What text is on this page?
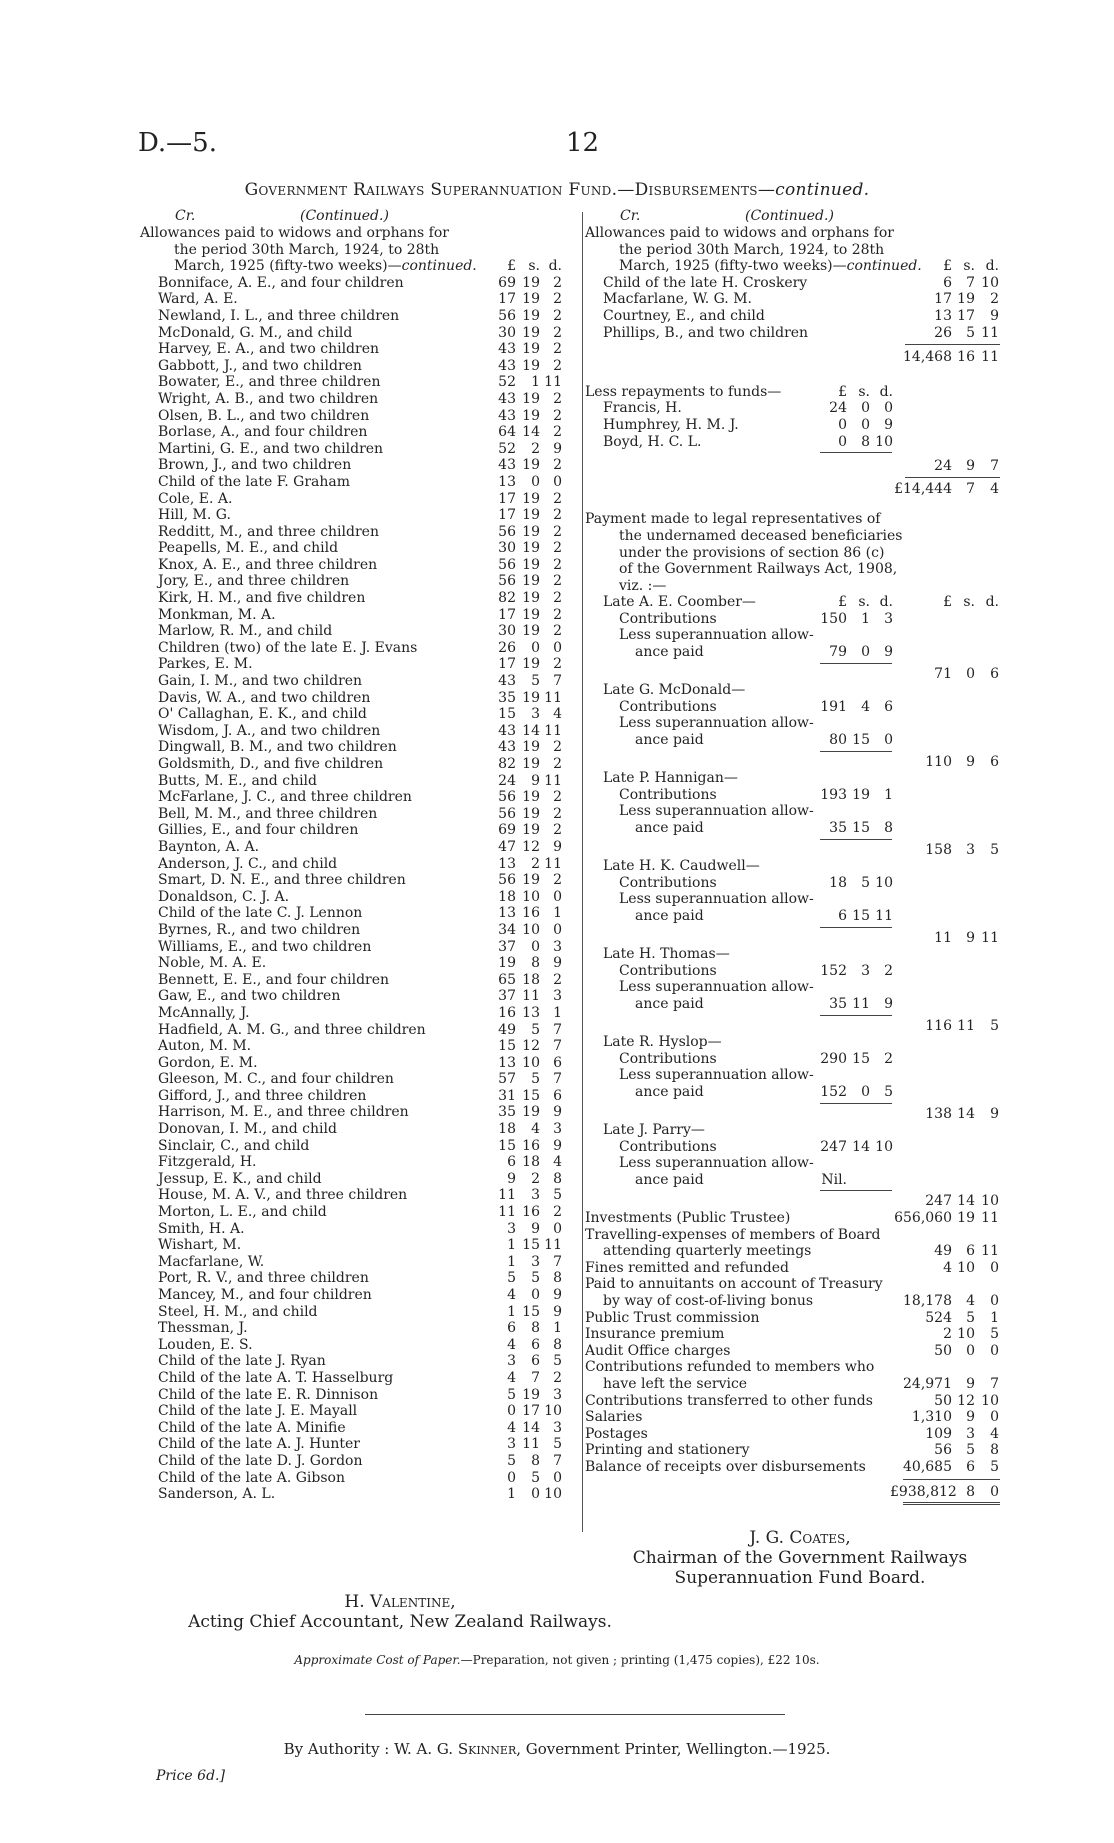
D.—5.	12
Government Railways Superannuation Fund.—Disbursements—continued.
Cr.	(Continued.)
Allowances paid to widows and orphans for
the period 30th March, 1924, to 28th
March, 1925 (fifty-two weeks)—continued.	£ s. d.
Bonniface, A. E., and four children	69 19 2
Ward, A. E.	17 19 2
Newland, I. L., and three children	56 19 2
McDonald, G. M., and child	30 19 2
Harvey, E. A., and two children	43 19 2
Gabbott, J., and two children	43 19 2
Bowater, E., and three children	52	1 11
Wright, A. B., and two children	43 19 2
Olsen, B. L., and two children	43 19 2
Borlase, A., and four children	64 14 2
Martini, G. E., and two children	52	2 9
Brown, J., and two children	43 19 2
Child of the late F. Graham	13	0 0
Cole, E. A.	17 19 2
Hill, M. G.	17 19 2
Redditt, M., and three children	56 19 2
Peapells, M. E., and child	30 19 2
Knox, A. E., and three children	56 19 2
Jory, E., and three children	56 19 2
Kirk, H. M., and five children	82 19 2
Monkman, M. A.	17 19 2
Marlow, R. M., and child	30 19 2
Children (two) of the late E. J. Evans	26	0 0
Parkes, E. M.	17 19 2
Gain, I. M., and two children	43	5 7
Davis, W. A., and two children	35 19 11
O' Callaghan, E. K., and child	15	3 4
Wisdom, J. A., and two children	43 14 11
Dingwall, B. M., and two children	43 19 2
Goldsmith, D., and five children	82 19 2
Butts, M. E., and child	24	9 11
McFarlane, J. C., and three children	56 19 2
Bell, M. M., and three children	56 19 2
Gillies, E., and four children	69 19 2
Baynton, A. A.	47 12 9
Anderson, J. C., and child	13	2 11
Smart, D. N. E., and three children	56 19 2
Donaldson, C. J. A.	18 10 0
Child of the late C. J. Lennon	13 16 1
Byrnes, R., and two children	34 10 0
Williams, E., and two children	37	0 3
Noble, M. A. E.	19	8 9
Bennett, E. E., and four children	65 18 2
Gaw, E., and two children	37 11 3
McAnnally, J.	16 13 1
Hadfield, A. M. G., and three children	49	5 7
Auton, M. M.	15 12 7
Gordon, E. M.	13 10 6
Gleeson, M. C., and four children	57	5 7
Gifford, J., and three children	31 15 6
Harrison, M. E., and three children	35 19 9
Donovan, I. M., and child	18	4 3
Sinclair, C., and child	15 16 9
Fitzgerald, H.	6 18 4
Jessup, E. K., and child	9	2 8
House, M. A. V., and three children	11	3 5
Morton, L. E., and child	11 16 2
Smith, H. A.	3	9 0
Wishart, M.	1 15 11
Macfarlane, W.	1	3 7
Port, R. V., and three children	5	5 8
Mancey, M., and four children	4	0 9
Steel, H. M., and child	1 15 9
Thessman, J.	6	8 1
Louden, E. S.	4	6 8
Child of the late J. Ryan	3	6 5
Child of the late A. T. Hasselburg	4	7 2
Child of the late E. R. Dinnison	5 19 3
Child of the late J. E. Mayall	0 17 10
Child of the late A. Minifie	4 14 3
Child of the late A. J. Hunter	3 11 5
Child of the late D. J. Gordon	5	8 7
Child of the late A. Gibson	0	5 0
Sanderson, A. L.	1	0 10
Cr.	(Continued.)
Allowances paid to widows and orphans for
the period 30th March, 1924, to 28th
March, 1925 (fifty-two weeks)—continued.	£ s. d.
Child of the late H. Croskery	6	7 10
Macfarlane, W. G. M.	17 19	2
Courtney, E., and child	13 17	9
Phillips, B., and two children	26	5 11
14,468 16 11
Less repayments to funds—	£ s. d.
Francis, H.	24	0	0
Humphrey, H. M. J.	0	0	9
Boyd, H. C. L.	0	8 10
24	9	7
£14,444	7	4
Payment made to legal representatives of
the undernamed deceased beneficiaries
under the provisions of section 86 (c)
of the Government Railways Act, 1908,
viz. :—
Late A. E. Coomber—	£ s. d.	£ s. d.
Contributions	150	1	3
Less superannuation allow-
ance paid	79	0	9
71	0	6
Late G. McDonald—
Contributions	191	4	6
Less superannuation allow-
ance paid	80 15	0
110	9	6
Late P. Hannigan—
Contributions	193 19	1
Less superannuation allow-
ance paid	35 15	8
158	3	5
Late H. K. Caudwell—
Contributions	18	5 10
Less superannuation allow-
ance paid	6 15 11
11	9 11
Late H. Thomas—
Contributions	152	3	2
Less superannuation allow-
ance paid	35 11	9
116 11	5
Late R. Hyslop—
Contributions	290 15	2
Less superannuation allow-
ance paid	152	0	5
138 14	9
Late J. Parry—
Contributions	247 14 10
Less superannuation allow-
ance paid	Nil.
247 14 10
Investments (Public Trustee)	656,060 19 11
Travelling-expenses of members of Board
attending quarterly meetings	49	6 11
Fines remitted and refunded	4 10	0
Paid to annuitants on account of Treasury
by way of cost-of-living bonus	18,178	4	0
Public Trust commission	524	5	1
Insurance premium	2 10	5
Audit Office charges	50	0	0
Contributions refunded to members who
have left the service	24,971	9	7
Contributions transferred to other funds	50 12 10
Salaries	1,310	9	0
Postages	109	3	4
Printing and stationery	56	5	8
Balance of receipts over disbursements	40,685	6	5
£938,812 8	0
J. G. Coates,
Chairman of the Government Railways
Superannuation Fund Board.
H. Valentine,
Acting Chief Accountant, New Zealand Railways.
Approximate Cost of Paper.—Preparation, not given ; printing (1,475 copies), £22 10s.
By Authority : W. A. G. Skinner, Government Printer, Wellington.—1925.
Price 6d.]
